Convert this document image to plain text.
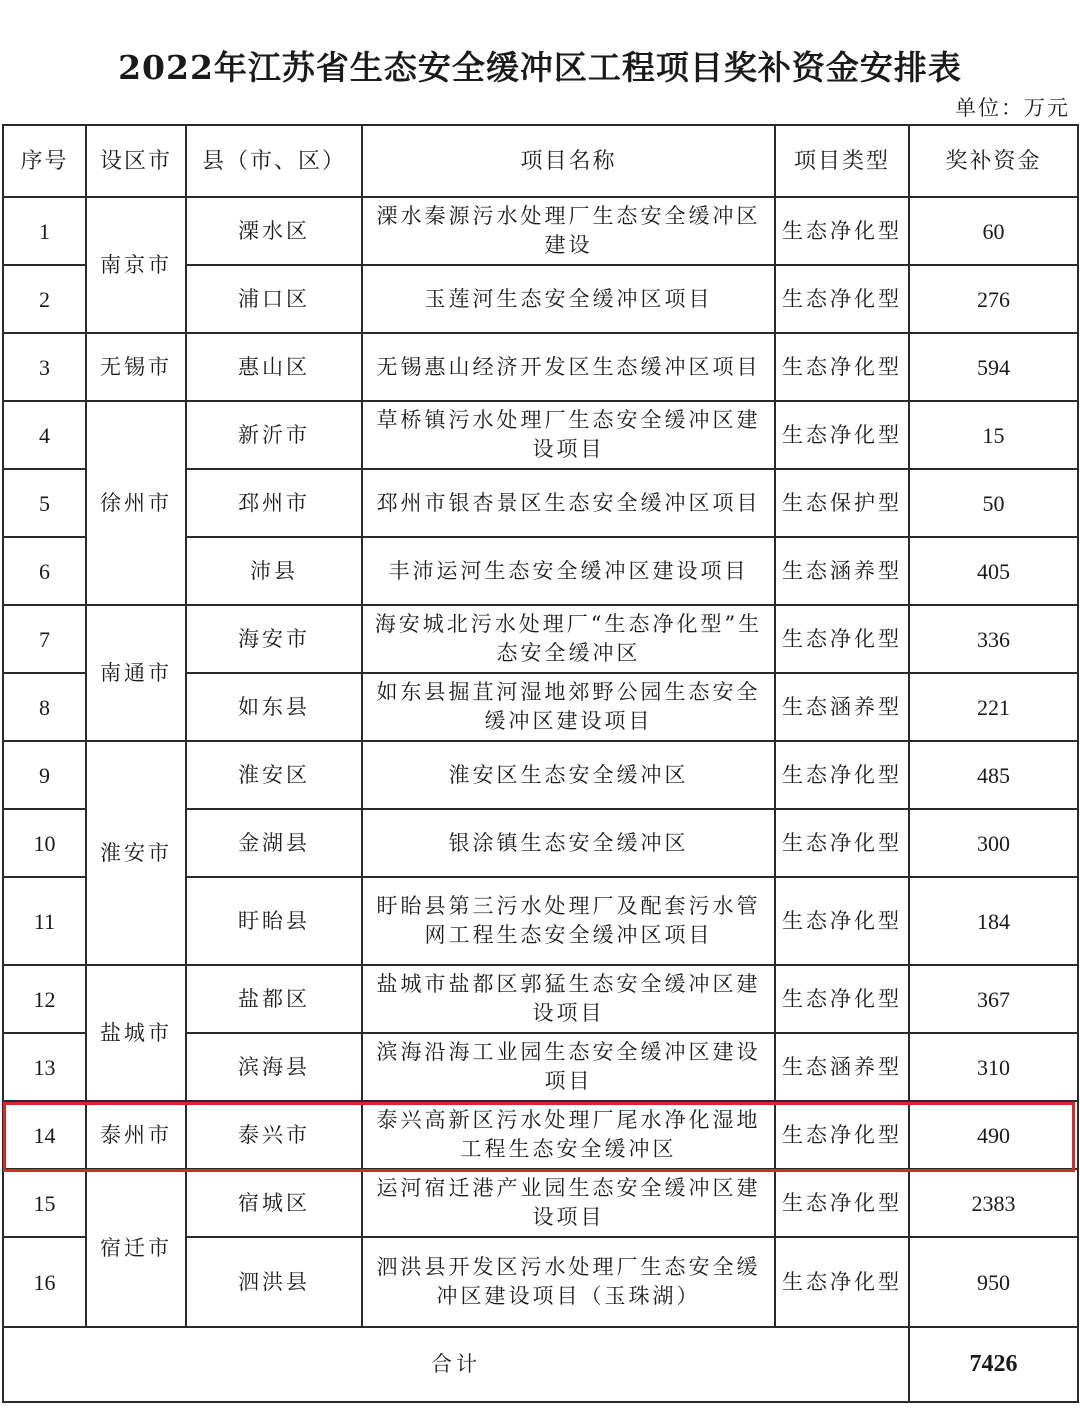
2022年江苏省生态安全缓冲区工程项目奖补资金安排表
单位：万元
序号	设区市	县（市、区）	项目名称	项目类型	奖补资金
1	南京市	溧水区	溧水秦源污水处理厂生态安全缓冲区建设	生态净化型	60
2		浦口区	玉莲河生态安全缓冲区项目	生态净化型	276
3	无锡市	惠山区	无锡惠山经济开发区生态缓冲区项目	生态净化型	594
4	徐州市	新沂市	草桥镇污水处理厂生态安全缓冲区建设项目	生态净化型	15
5		邳州市	邳州市银杏景区生态安全缓冲区项目	生态保护型	50
6		沛县	丰沛运河生态安全缓冲区建设项目	生态涵养型	405
7	南通市	海安市	海安城北污水处理厂“生态净化型”生态安全缓冲区	生态净化型	336
8		如东县	如东县掘苴河湿地郊野公园生态安全缓冲区建设项目	生态涵养型	221
9	淮安市	淮安区	淮安区生态安全缓冲区	生态净化型	485
10		金湖县	银涂镇生态安全缓冲区	生态净化型	300
11		盱眙县	盱眙县第三污水处理厂及配套污水管网工程生态安全缓冲区项目	生态净化型	184
12	盐城市	盐都区	盐城市盐都区郭猛生态安全缓冲区建设项目	生态净化型	367
13		滨海县	滨海沿海工业园生态安全缓冲区建设项目	生态涵养型	310
14	泰州市	泰兴市	泰兴高新区污水处理厂尾水净化湿地工程生态安全缓冲区	生态净化型	490
15	宿迁市	宿城区	运河宿迁港产业园生态安全缓冲区建设项目	生态净化型	2383
16		泗洪县	泗洪县开发区污水处理厂生态安全缓冲区建设项目（玉珠湖）	生态净化型	950
合计					7426
